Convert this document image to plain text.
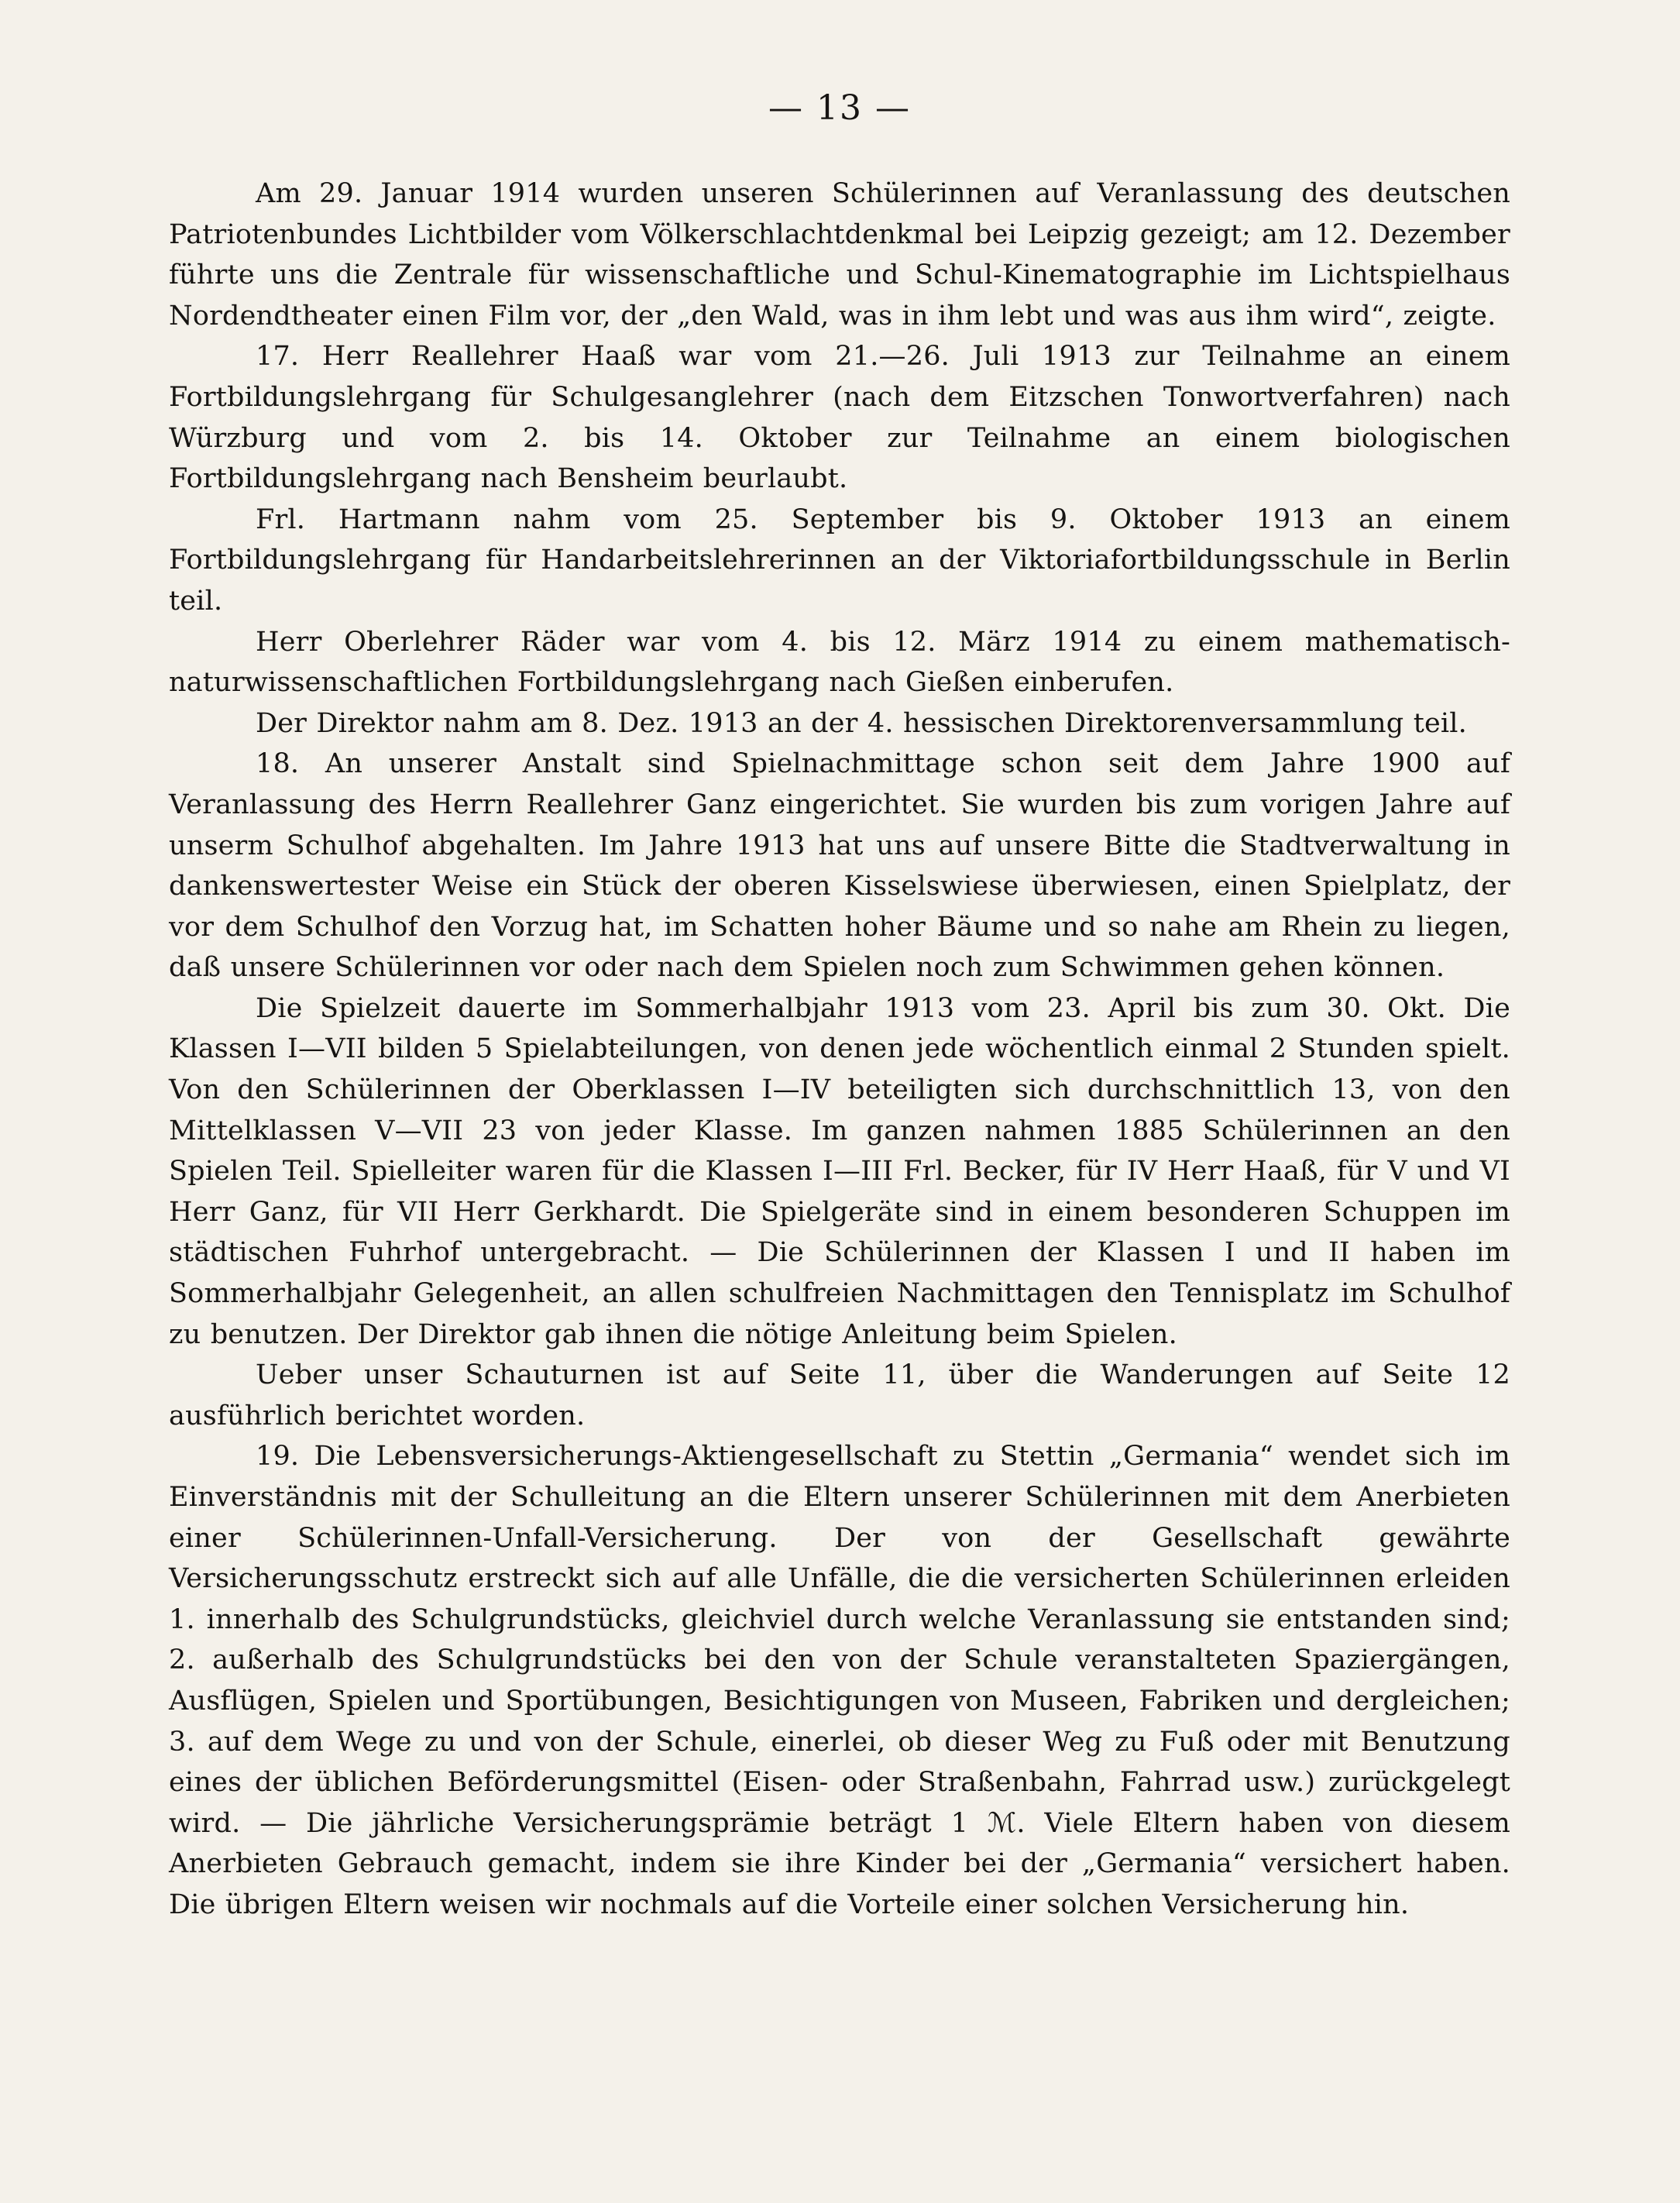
— 13 —

Am 29. Januar 1914 wurden unseren Schülerinnen auf Veranlassung des deutschen Patriotenbundes Lichtbilder vom Völkerschlachtdenkmal bei Leipzig gezeigt; am 12. Dezember führte uns die Zentrale für wissenschaftliche und Schul-Kinematographie im Lichtspielhaus Nordendtheater einen Film vor, der „den Wald, was in ihm lebt und was aus ihm wird“, zeigte.

17. Herr Reallehrer Haaß war vom 21.—26. Juli 1913 zur Teilnahme an einem Fortbildungslehrgang für Schulgesanglehrer (nach dem Eitzschen Tonwortverfahren) nach Würzburg und vom 2. bis 14. Oktober zur Teilnahme an einem biologischen Fortbildungslehrgang nach Bensheim beurlaubt.

Frl. Hartmann nahm vom 25. September bis 9. Oktober 1913 an einem Fortbildungslehrgang für Handarbeitslehrerinnen an der Viktoriafortbildungsschule in Berlin teil.

Herr Oberlehrer Räder war vom 4. bis 12. März 1914 zu einem mathematisch-naturwissenschaftlichen Fortbildungslehrgang nach Gießen einberufen.

Der Direktor nahm am 8. Dez. 1913 an der 4. hessischen Direktorenversammlung teil.

18. An unserer Anstalt sind Spielnachmittage schon seit dem Jahre 1900 auf Veranlassung des Herrn Reallehrer Ganz eingerichtet. Sie wurden bis zum vorigen Jahre auf unserm Schulhof abgehalten. Im Jahre 1913 hat uns auf unsere Bitte die Stadtverwaltung in dankenswertester Weise ein Stück der oberen Kisselswiese überwiesen, einen Spielplatz, der vor dem Schulhof den Vorzug hat, im Schatten hoher Bäume und so nahe am Rhein zu liegen, daß unsere Schülerinnen vor oder nach dem Spielen noch zum Schwimmen gehen können.

Die Spielzeit dauerte im Sommerhalbjahr 1913 vom 23. April bis zum 30. Okt. Die Klassen I—VII bilden 5 Spielabteilungen, von denen jede wöchentlich einmal 2 Stunden spielt. Von den Schülerinnen der Oberklassen I—IV beteiligten sich durchschnittlich 13, von den Mittelklassen V—VII 23 von jeder Klasse. Im ganzen nahmen 1885 Schülerinnen an den Spielen Teil. Spielleiter waren für die Klassen I—III Frl. Becker, für IV Herr Haaß, für V und VI Herr Ganz, für VII Herr Gerkhardt. Die Spielgeräte sind in einem besonderen Schuppen im städtischen Fuhrhof untergebracht. — Die Schülerinnen der Klassen I und II haben im Sommerhalbjahr Gelegenheit, an allen schulfreien Nachmittagen den Tennisplatz im Schulhof zu benutzen. Der Direktor gab ihnen die nötige Anleitung beim Spielen.

Ueber unser Schauturnen ist auf Seite 11, über die Wanderungen auf Seite 12 ausführlich berichtet worden.

19. Die Lebensversicherungs-Aktiengesellschaft zu Stettin „Germania“ wendet sich im Einverständnis mit der Schulleitung an die Eltern unserer Schülerinnen mit dem Anerbieten einer Schülerinnen-Unfall-Versicherung. Der von der Gesellschaft gewährte Versicherungsschutz erstreckt sich auf alle Unfälle, die die versicherten Schülerinnen erleiden 1. innerhalb des Schulgrundstücks, gleichviel durch welche Veranlassung sie entstanden sind; 2. außerhalb des Schulgrundstücks bei den von der Schule veranstalteten Spaziergängen, Ausflügen, Spielen und Sportübungen, Besichtigungen von Museen, Fabriken und dergleichen; 3. auf dem Wege zu und von der Schule, einerlei, ob dieser Weg zu Fuß oder mit Benutzung eines der üblichen Beförderungsmittel (Eisen- oder Straßenbahn, Fahrrad usw.) zurückgelegt wird. — Die jährliche Versicherungsprämie beträgt 1 ℳ. Viele Eltern haben von diesem Anerbieten Gebrauch gemacht, indem sie ihre Kinder bei der „Germania“ versichert haben. Die übrigen Eltern weisen wir nochmals auf die Vorteile einer solchen Versicherung hin.
